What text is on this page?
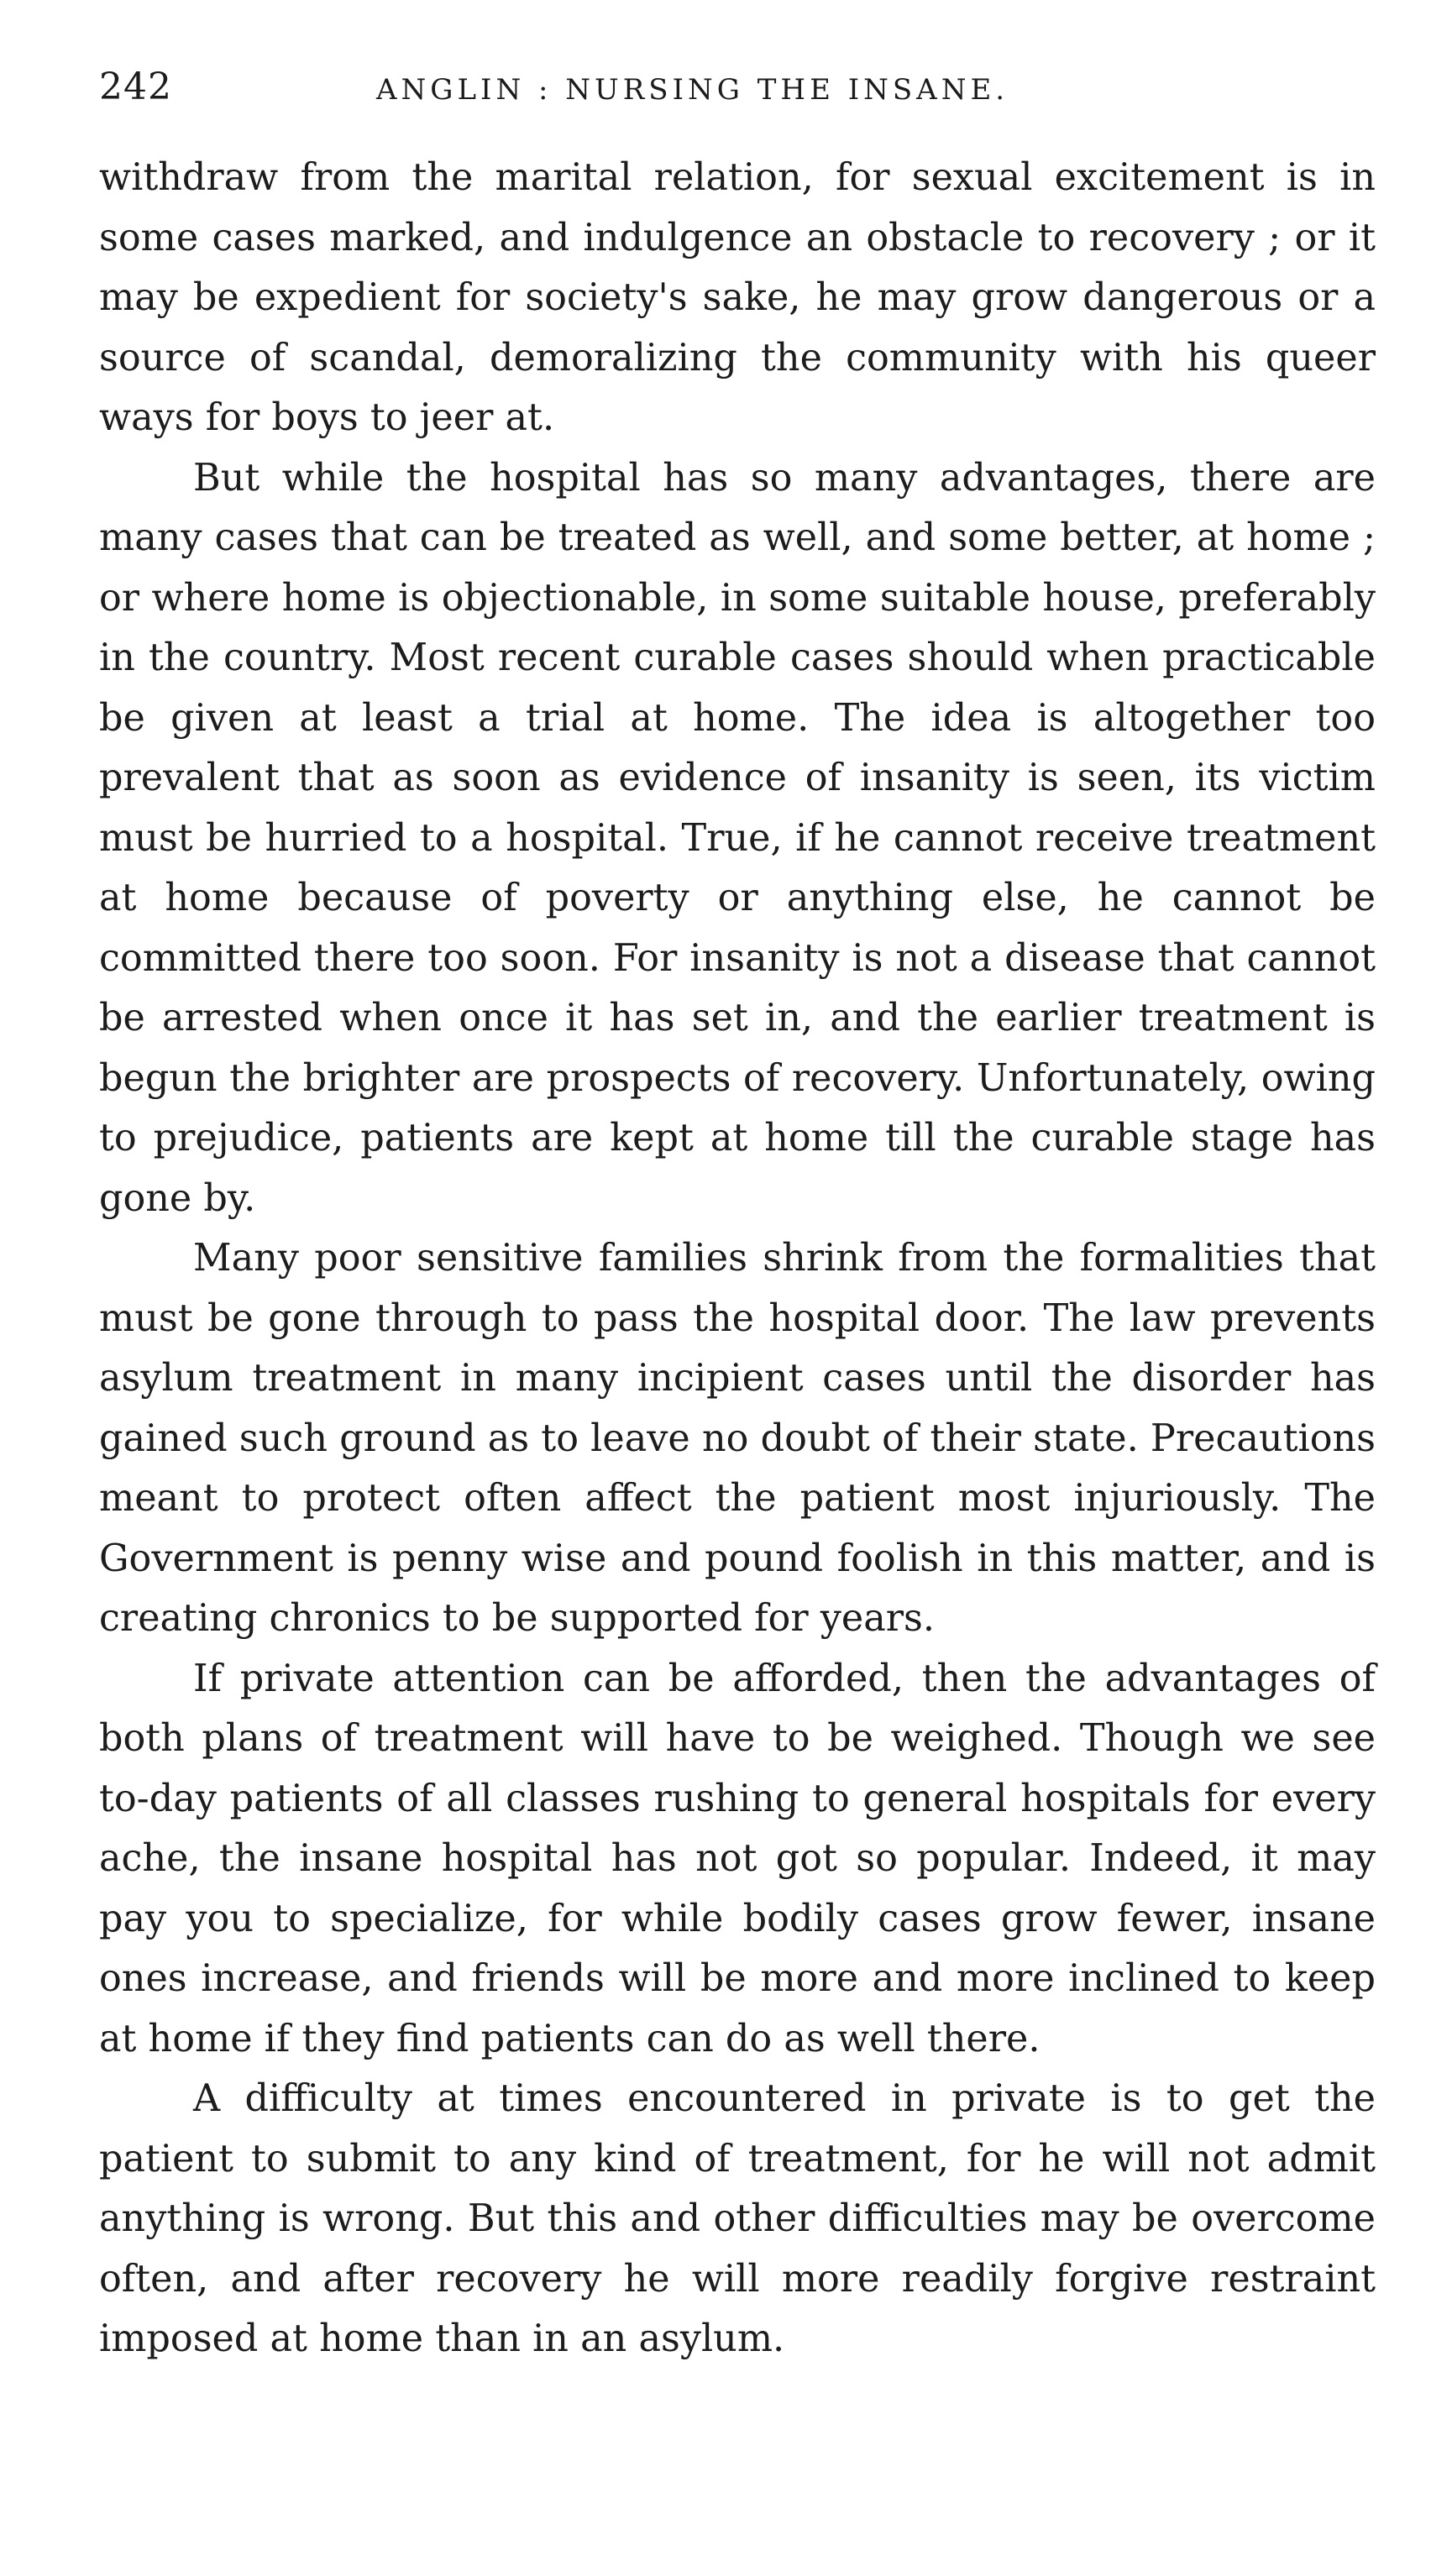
242	ANGLIN : NURSING THE INSANE.

withdraw from the marital relation, for sexual excitement is in some cases marked, and indulgence an obstacle to recovery ; or it may be expedient for society's sake, he may grow dangerous or a source of scandal, demoralizing the community with his queer ways for boys to jeer at.

But while the hospital has so many advantages, there are many cases that can be treated as well, and some better, at home ; or where home is objectionable, in some suitable house, preferably in the country. Most recent curable cases should when practicable be given at least a trial at home. The idea is altogether too prevalent that as soon as evidence of insanity is seen, its victim must be hurried to a hospital. True, if he cannot receive treatment at home because of poverty or anything else, he cannot be committed there too soon. For insanity is not a disease that cannot be arrested when once it has set in, and the earlier treatment is begun the brighter are prospects of recovery. Unfortunately, owing to prejudice, patients are kept at home till the curable stage has gone by.

Many poor sensitive families shrink from the formalities that must be gone through to pass the hospital door. The law prevents asylum treatment in many incipient cases until the disorder has gained such ground as to leave no doubt of their state. Precautions meant to protect often affect the patient most injuriously. The Government is penny wise and pound foolish in this matter, and is creating chronics to be supported for years.

If private attention can be afforded, then the advantages of both plans of treatment will have to be weighed. Though we see to-day patients of all classes rushing to general hospitals for every ache, the insane hospital has not got so popular. Indeed, it may pay you to specialize, for while bodily cases grow fewer, insane ones increase, and friends will be more and more inclined to keep at home if they find patients can do as well there.

A difficulty at times encountered in private is to get the patient to submit to any kind of treatment, for he will not admit anything is wrong. But this and other difficulties may be overcome often, and after recovery he will more readily forgive restraint imposed at home than in an asylum.
